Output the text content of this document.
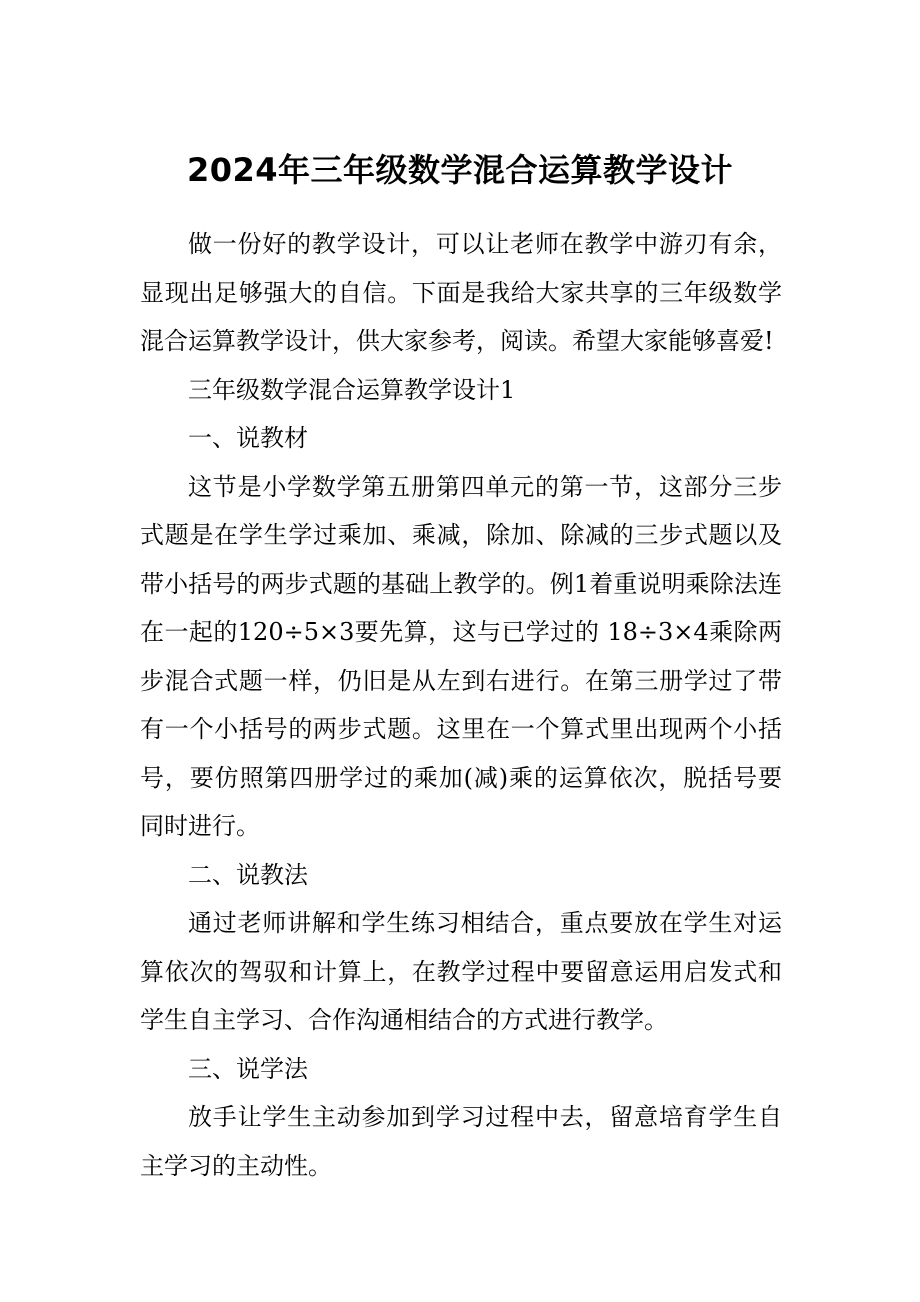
2024年三年级数学混合运算教学设计

做一份好的教学设计，可以让老师在教学中游刃有余，显现出足够强大的自信。下面是我给大家共享的三年级数学混合运算教学设计，供大家参考，阅读。希望大家能够喜爱!

三年级数学混合运算教学设计1

一、说教材

这节是小学数学第五册第四单元的第一节，这部分三步式题是在学生学过乘加、乘减，除加、除减的三步式题以及带小括号的两步式题的基础上教学的。例1着重说明乘除法连在一起的120÷5×3要先算，这与已学过的 18÷3×4乘除两步混合式题一样，仍旧是从左到右进行。在第三册学过了带有一个小括号的两步式题。这里在一个算式里出现两个小括号，要仿照第四册学过的乘加(减)乘的运算依次，脱括号要同时进行。

二、说教法

通过老师讲解和学生练习相结合，重点要放在学生对运算依次的驾驭和计算上，在教学过程中要留意运用启发式和学生自主学习、合作沟通相结合的方式进行教学。

三、说学法

放手让学生主动参加到学习过程中去，留意培育学生自主学习的主动性。
